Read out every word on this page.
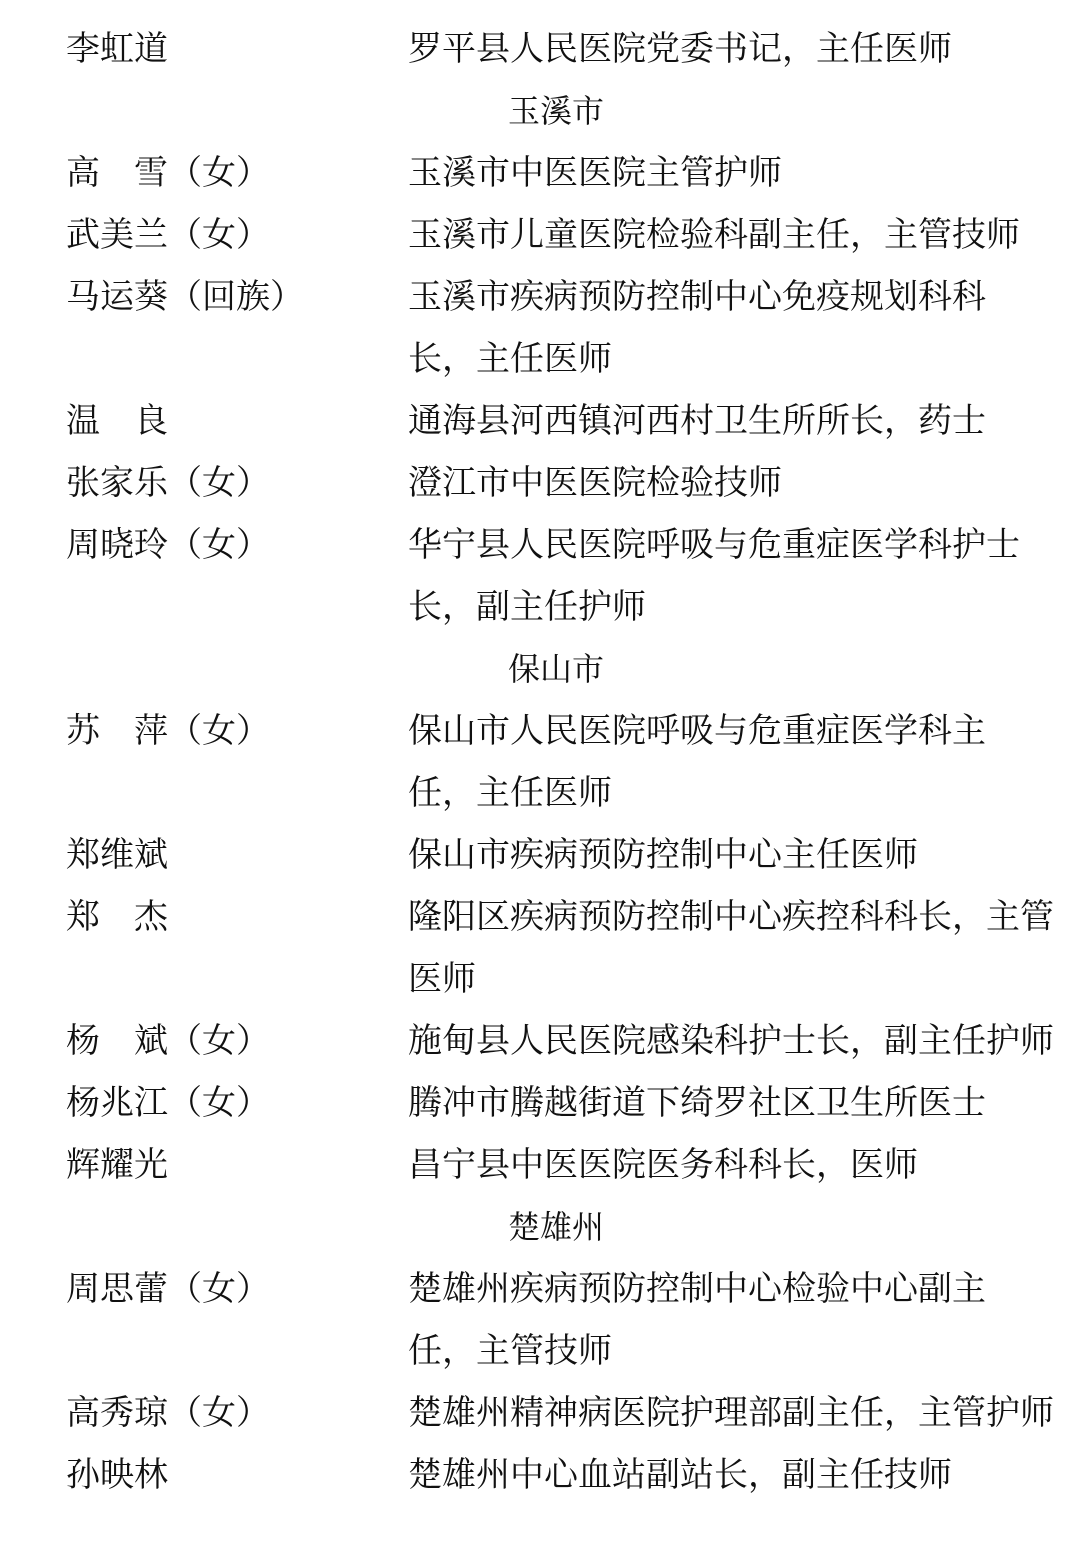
李虹道	罗平县人民医院党委书记，主任医师
玉溪市
高　雪（女）	玉溪市中医医院主管护师
武美兰（女）	玉溪市儿童医院检验科副主任，主管技师
马运葵（回族）	玉溪市疾病预防控制中心免疫规划科科
长，主任医师
温　良	通海县河西镇河西村卫生所所长，药士
张家乐（女）	澄江市中医医院检验技师
周晓玲（女）	华宁县人民医院呼吸与危重症医学科护士
长，副主任护师
保山市
苏　萍（女）	保山市人民医院呼吸与危重症医学科主
任，主任医师
郑维斌	保山市疾病预防控制中心主任医师
郑　杰	隆阳区疾病预防控制中心疾控科科长，主管
医师
杨　斌（女）	施甸县人民医院感染科护士长，副主任护师
杨兆江（女）	腾冲市腾越街道下绮罗社区卫生所医士
辉耀光	昌宁县中医医院医务科科长，医师
楚雄州
周思蕾（女）	楚雄州疾病预防控制中心检验中心副主
任，主管技师
高秀琼（女）	楚雄州精神病医院护理部副主任，主管护师
孙映林	楚雄州中心血站副站长，副主任技师
